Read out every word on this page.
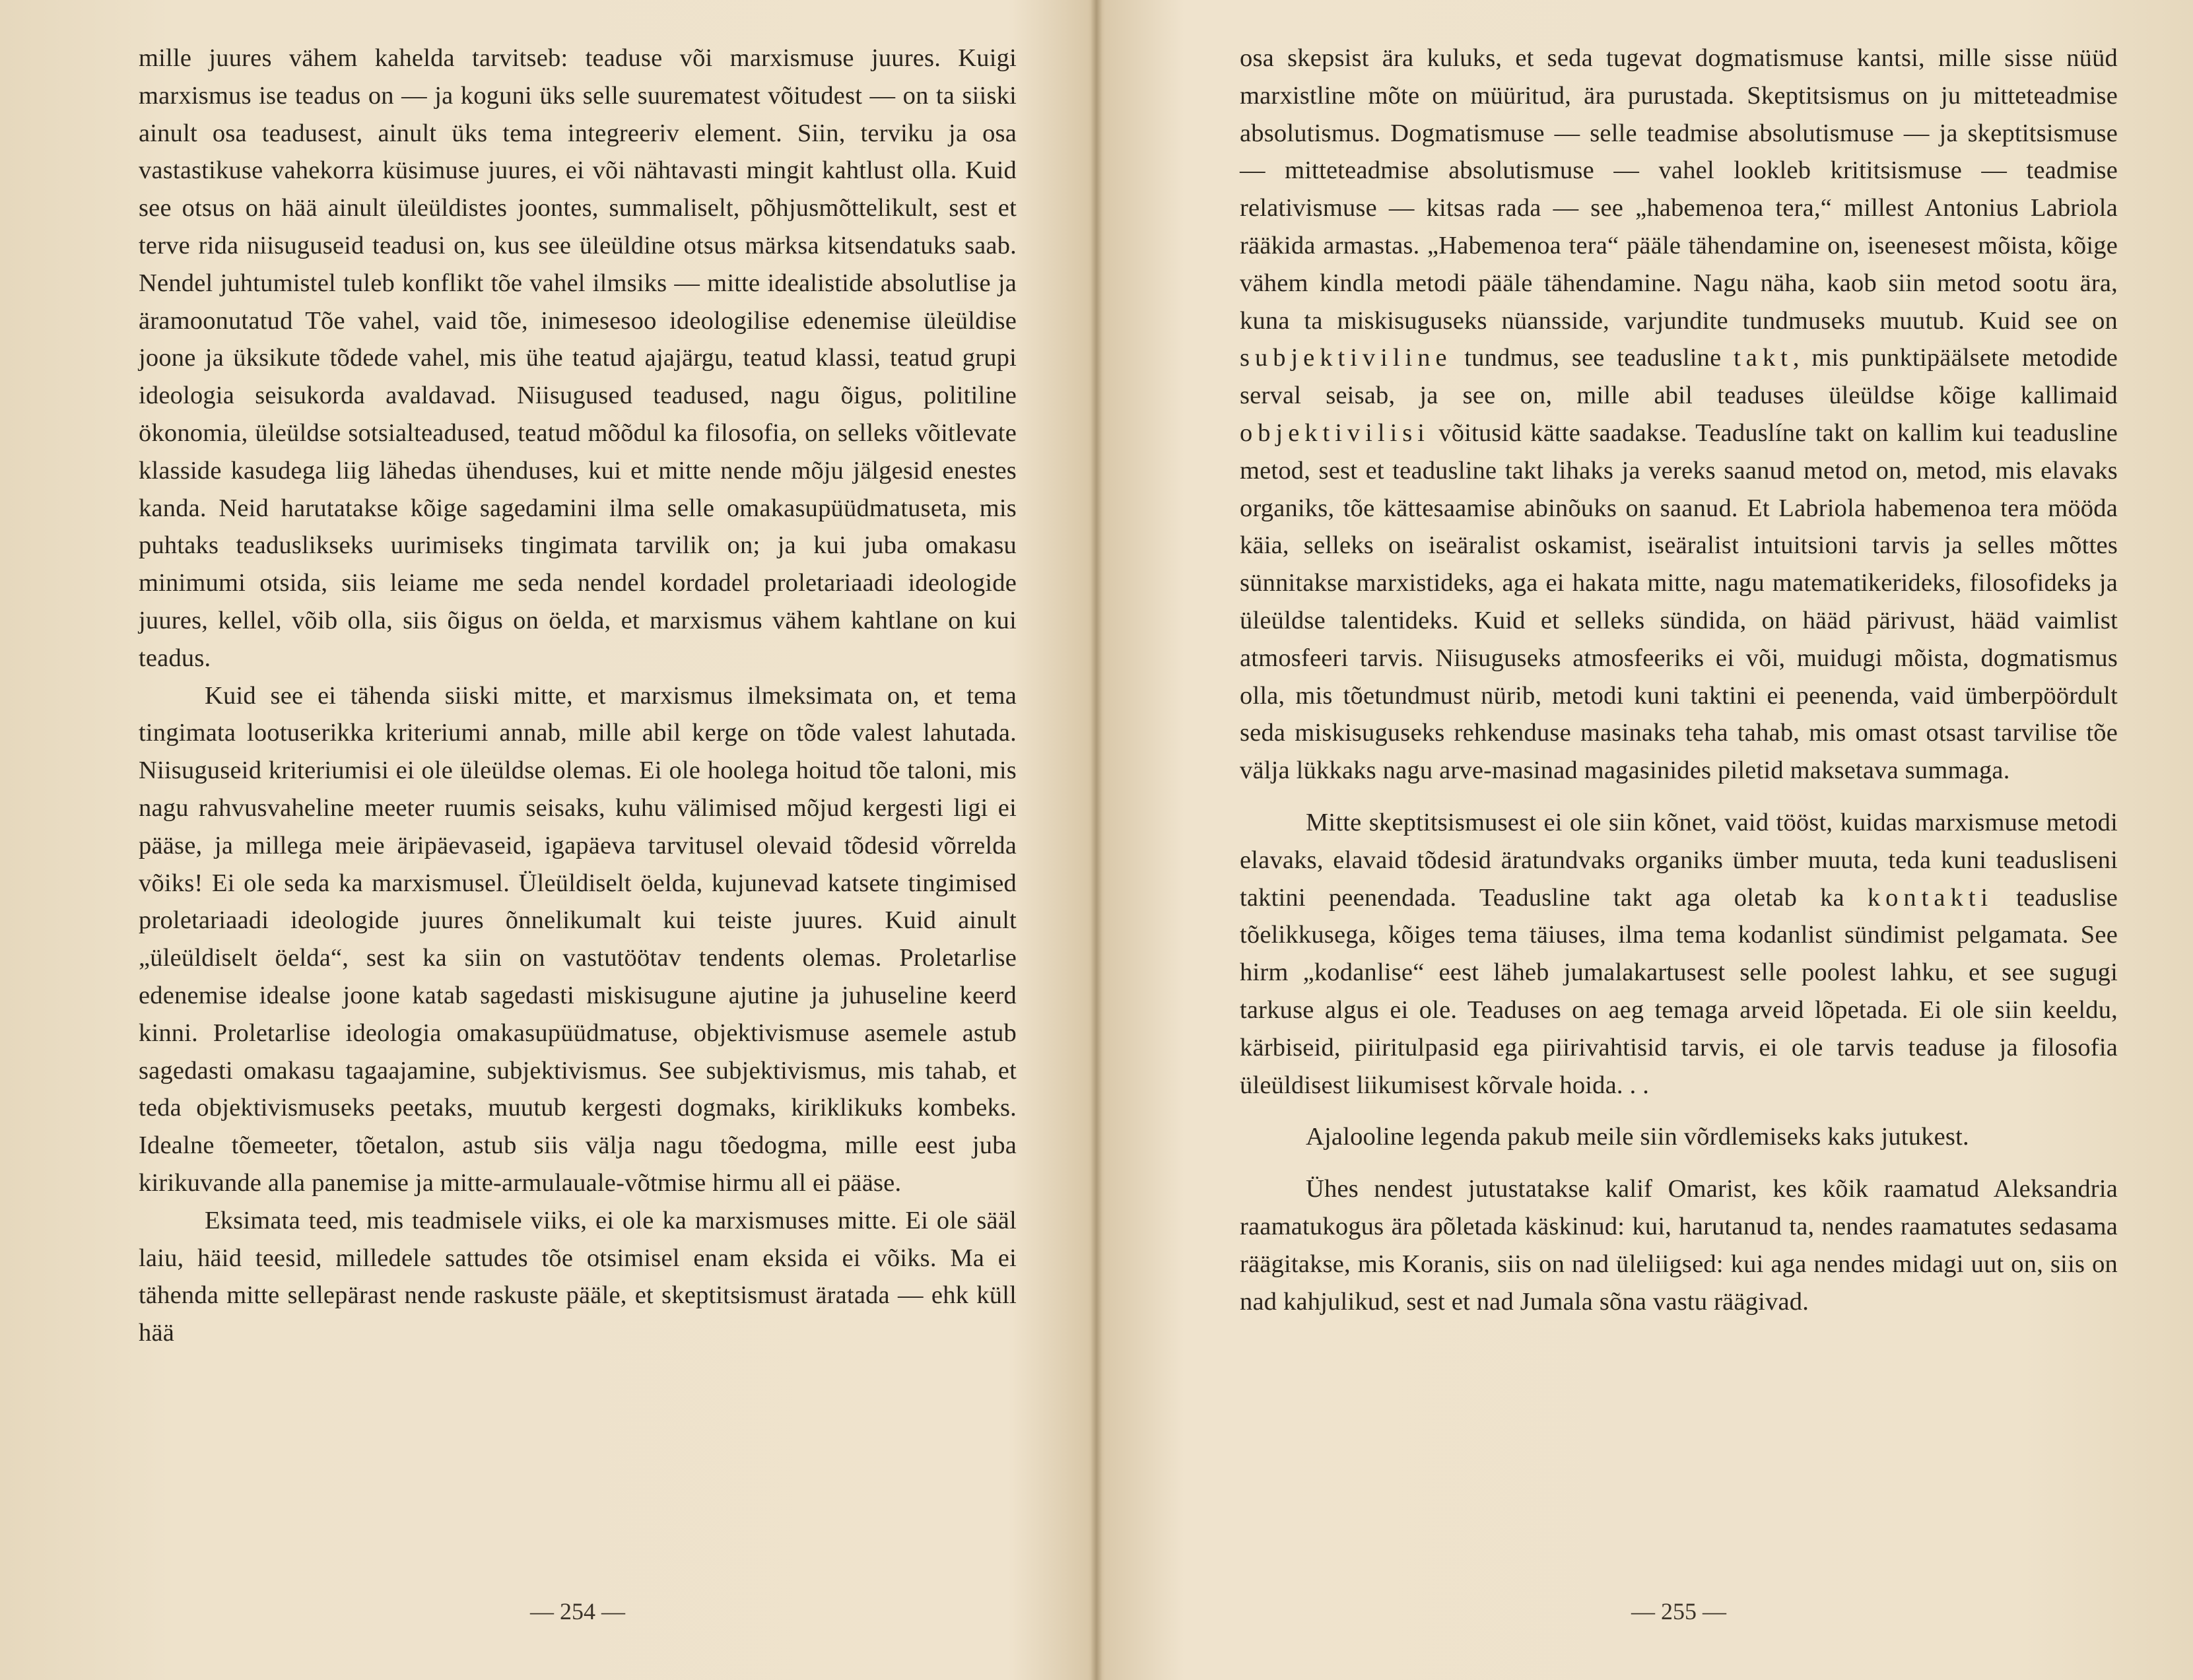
mille juures vähem kahelda tarvitseb: teaduse või marxismuse juures. Kuigi marxismus ise teadus on — ja koguni üks selle suurematest võitudest — on ta siiski ainult osa teadusest, ainult üks tema integreeriv element. Siin, terviku ja osa vastastikuse vahekorra küsimuse juures, ei või nähtavasti mingit kahtlust olla. Kuid see otsus on hää ainult üleüldistes joontes, summaliselt, põhjusmõttelikult, sest et terve rida niisuguseid teadusi on, kus see üleüldine otsus märksa kitsendatuks saab. Nendel juhtumistel tuleb konflikt tõe vahel ilmsiks — mitte idealistide absolutlise ja äramoonutatud Tõe vahel, vaid tõe, inimesesoo ideologilise edenemise üleüldise joone ja üksikute tõdede vahel, mis ühe teatud ajajärgu, teatud klassi, teatud grupi ideologia seisukorda avaldavad. Niisugused teadused, nagu õigus, politiline ökonomia, üleüldse sotsialteadused, teatud mõõdul ka filosofia, on selleks võitlevate klasside kasudega liig lähedas ühenduses, kui et mitte nende mõju jälgesid enestes kanda. Neid harutatakse kõige sagedamini ilma selle omakasupüüdmatuseta, mis puhtaks teaduslikseks uurimiseks tingimata tarvilik on; ja kui juba omakasu minimumi otsida, siis leiame me seda nendel kordadel proletariaadi ideologide juures, kellel, võib olla, siis õigus on öelda, et marxismus vähem kahtlane on kui teadus.

Kuid see ei tähenda siiski mitte, et marxismus ilmeksimata on, et tema tingimata lootuserikka kriteriumi annab, mille abil kerge on tõde valest lahutada. Niisuguseid kriteriumisi ei ole üleüldse olemas. Ei ole hoolega hoitud tõe taloni, mis nagu rahvusvaheline meeter ruumis seisaks, kuhu välimised mõjud kergesti ligi ei pääse, ja millega meie äripäevaseid, igapäeva tarvitusel olevaid tõdesid võrrelda võiks! Ei ole seda ka marxismusel. Üleüldiselt öelda, kujunevad katsete tingimised proletariaadi ideologide juures õnnelikumalt kui teiste juures. Kuid ainult „üleüldiselt öelda“, sest ka siin on vastutöötav tendents olemas. Proletarlise edenemise idealse joone katab sagedasti miskisugune ajutine ja juhuseline keerd kinni. Proletarlise ideologia omakasupüüdmatuse, objektivismuse asemele astub sagedasti omakasu tagaajamine, subjektivismus. See subjektivismus, mis tahab, et teda objektivismuseks peetaks, muutub kergesti dogmaks, kiriklikuks kombeks. Idealne tõemeeter, tõetalon, astub siis välja nagu tõedogma, mille eest juba kirikuvande alla panemise ja mitte-armulauale-võtmise hirmu all ei pääse.

Eksimata teed, mis teadmisele viiks, ei ole ka marxismuses mitte. Ei ole sääl laiu, häid teesid, milledele sattudes tõe otsimisel enam eksida ei võiks. Ma ei tähenda mitte sellepärast nende raskuste pääle, et skeptitsismust äratada — ehk küll hää

— 254 —

osa skepsist ära kuluks, et seda tugevat dogmatismuse kantsi, mille sisse nüüd marxistline mõte on müüritud, ära purustada. Skeptitsismus on ju mitteteadmise absolutismus. Dogmatismuse — selle teadmise absolutismuse — ja skeptitsismuse — mitteteadmise absolutismuse — vahel lookleb krititsismuse — teadmise relativismuse — kitsas rada — see „habemenoa tera,“ millest Antonius Labriola rääkida armastas. „Habemenoa tera“ pääle tähendamine on, iseenesest mõista, kõige vähem kindla metodi pääle tähendamine. Nagu näha, kaob siin metod sootu ära, kuna ta miskisuguseks nüansside, varjundite tundmuseks muutub. Kuid see on subjektiviline tundmus, see teadusline takt, mis punktipäälsete metodide serval seisab, ja see on, mille abil teaduses üleüldse kõige kallimaid objektivilisi võitusid kätte saadakse. Teaduslíne takt on kallim kui teadusline metod, sest et teadusline takt lihaks ja vereks saanud metod on, metod, mis elavaks organiks, tõe kättesaamise abinõuks on saanud. Et Labriola habemenoa tera mööda käia, selleks on iseäralist oskamist, iseäralist intuitsioni tarvis ja selles mõttes sünnitakse marxistideks, aga ei hakata mitte, nagu matematikerideks, filosofideks ja üleüldse talentideks. Kuid et selleks sündida, on hääd pärivust, hääd vaimlist atmosfeeri tarvis. Niisuguseks atmosfeeriks ei või, muidugi mõista, dogmatismus olla, mis tõetundmust nürib, metodi kuni taktini ei peenenda, vaid ümberpöördult seda miskisuguseks rehkenduse masinaks teha tahab, mis omast otsast tarvilise tõe välja lükkaks nagu arve-masinad magasinides piletid maksetava summaga.

Mitte skeptitsismusest ei ole siin kõnet, vaid tööst, kuidas marxismuse metodi elavaks, elavaid tõdesid äratundvaks organiks ümber muuta, teda kuni teadusliseni taktini peenendada. Teadusline takt aga oletab ka kontakti teaduslise tõelikkusega, kõiges tema täiuses, ilma tema kodanlist sündimist pelgamata. See hirm „kodanlise“ eest läheb jumalakartusest selle poolest lahku, et see sugugi tarkuse algus ei ole. Teaduses on aeg temaga arveid lõpetada. Ei ole siin keeldu, kärbiseid, piiritulpasid ega piirivahtisid tarvis, ei ole tarvis teaduse ja filosofia üleüldisest liikumisest kõrvale hoida. . .

Ajalooline legenda pakub meile siin võrdlemiseks kaks jutukest.

Ühes nendest jutustatakse kalif Omarist, kes kõik raamatud Aleksandria raamatukogus ära põletada käskinud: kui, harutanud ta, nendes raamatutes sedasama räägitakse, mis Koranis, siis on nad üleliigsed: kui aga nendes midagi uut on, siis on nad kahjulikud, sest et nad Jumala sõna vastu räägivad.

— 255 —
